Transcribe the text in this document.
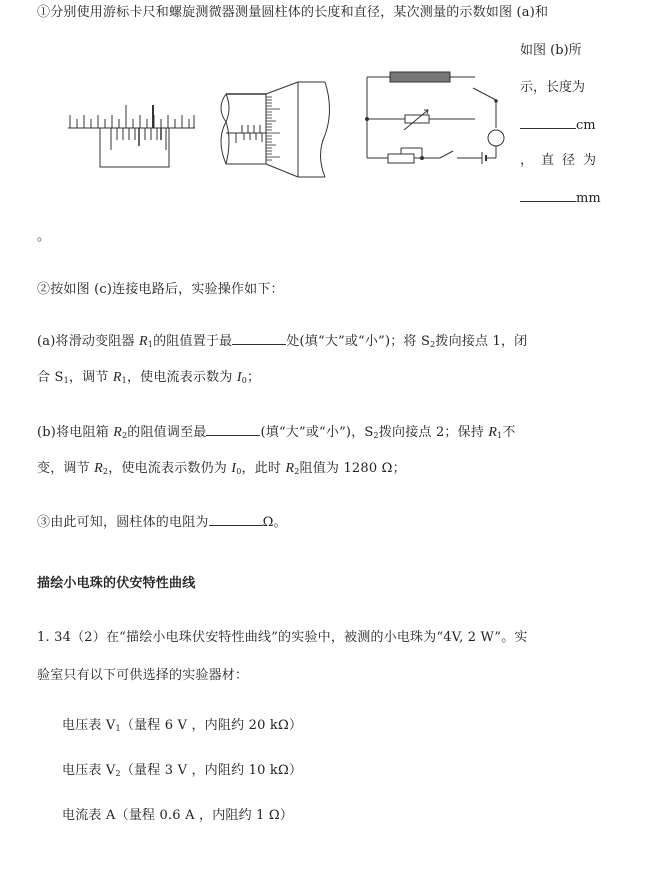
①分别使用游标卡尺和螺旋测微器测量圆柱体的长度和直径，某次测量的示数如图 (a)和
如图 (b)所
示，长度为
cm
，直径为
mm
。
②按如图 (c)连接电路后，实验操作如下：
(a)将滑动变阻器 $R_1$的阻值置于最	处(填“大”或“小”)；将 $S_2$拨向接点 1，闭
合 $S_1$，调节 $R_1$，使电流表示数为 $I_0$；
(b)将电阻箱 $R_2$的阻值调至最	(填“大”或“小”)，$S_2$拨向接点 2；保持 $R_1$不
变，调节 $R_2$，使电流表示数仍为 $I_0$，此时 $R_2$阻值为 1280 Ω；
③由此可知，圆柱体的电阻为	Ω。
描绘小电珠的伏安特性曲线
1. 34（2）在“描绘小电珠伏安特性曲线”的实验中，被测的小电珠为“4V, 2 W”。实
验室只有以下可供选择的实验器材：
电压表 $V_1$（量程 6 V ，内阻约 20 kΩ）
电压表 $V_2$（量程 3 V ，内阻约 10 kΩ）
电流表 A（量程 0.6 A ，内阻约 1 Ω）
